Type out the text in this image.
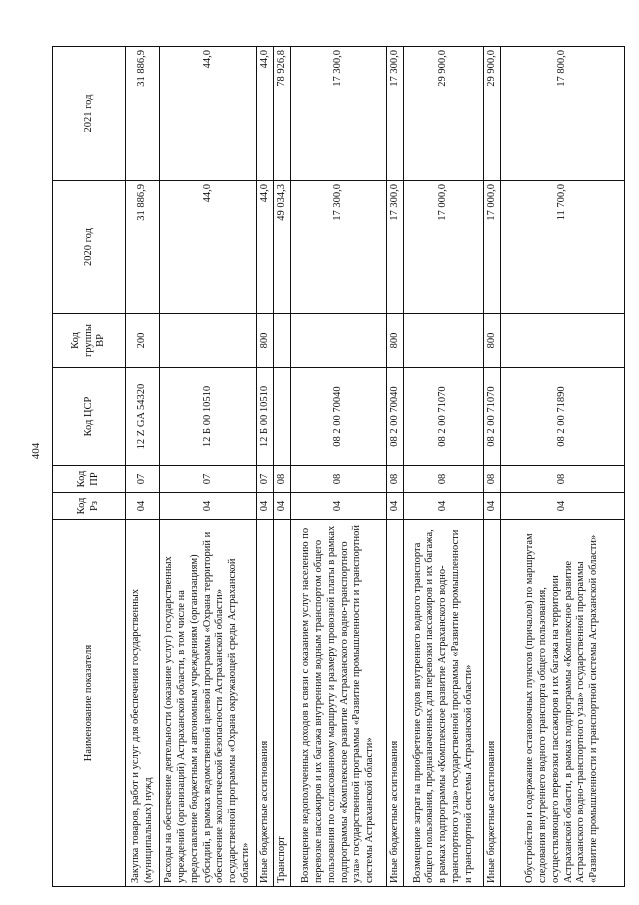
404
Наименование показателя	Код Рз	Код ПР	Код ЦСР	Код группы ВР	2020 год	2021 год
Закупка товаров, работ и услуг для обеспечения государственных (муниципальных) нужд	04	07	12 Z GA 54320	200	31 886,9	31 886,9
Расходы на обеспечение деятельности (оказание услуг) государственных учреждений (организаций) Астраханской области, в том числе на предоставление бюджетным и автономным учреждениям (организациям) субсидий, в рамках ведомственной целевой программы «Охрана территорий и обеспечение экологической безопасности Астраханской области» государственной программы «Охрана окружающей среды Астраханской области»	04	07	12 Б 00 10510		44,0	44,0
Иные бюджетные ассигнования	04	07	12 Б 00 10510	800	44,0	44,0
Транспорт	04	08			49 034,3	78 926,8
Возмещение недополученных доходов в связи с оказанием услуг населению по перевозке пассажиров и их багажа внутренним водным транспортом общего пользования по согласованному маршруту и размеру провозной платы в рамках подпрограммы «Комплексное развитие Астраханского водно-транспортного узла» государственной программы «Развитие промышленности и транспортной системы Астраханской области»	04	08	08 2 00 70040		17 300,0	17 300,0
Иные бюджетные ассигнования	04	08	08 2 00 70040	800	17 300,0	17 300,0
Возмещение затрат на приобретение судов внутреннего водного транспорта общего пользования, предназначенных для перевозки пассажиров и их багажа, в рамках подпрограммы «Комплексное развитие Астраханского водно-транспортного узла» государственной программы «Развитие промышленности и транспортной системы Астраханской области»	04	08	08 2 00 71070		17 000,0	29 900,0
Иные бюджетные ассигнования	04	08	08 2 00 71070	800	17 000,0	29 900,0
Обустройство и содержание остановочных пунктов (причалов) по маршрутам следования внутреннего водного транспорта общего пользования, осуществляющего перевозки пассажиров и их багажа на территории Астраханской области, в рамках подпрограммы «Комплексное развитие Астраханского водно-транспортного узла» государственной программы «Развитие промышленности и транспортной системы Астраханской области»	04	08	08 2 00 71890		11 700,0	17 800,0
